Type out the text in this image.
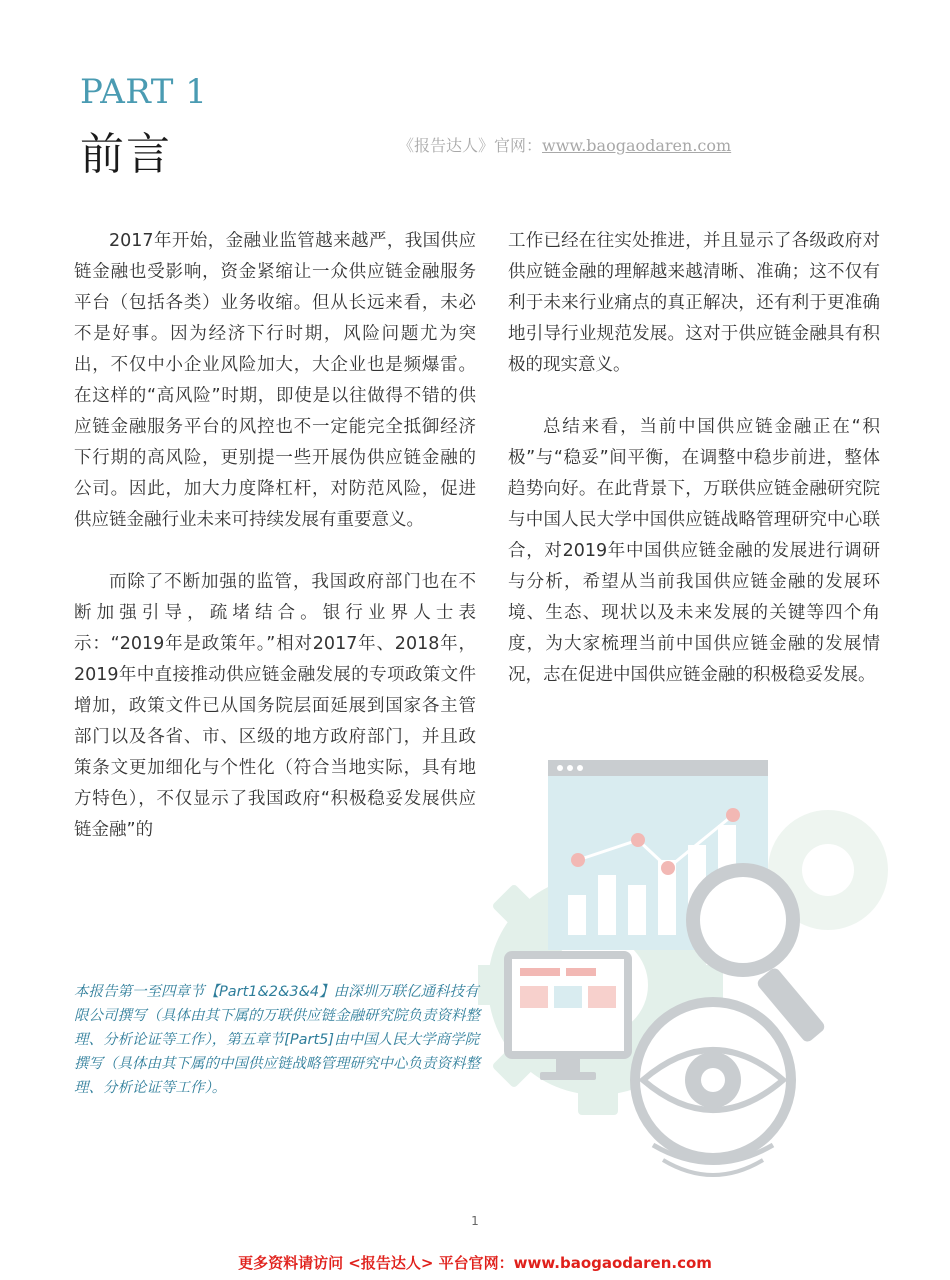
PART 1
前言	《报告达人》官网：www.baogaodaren.com

2017年开始，金融业监管越来越严，我国供应链金融也受影响，资金紧缩让一众供应链金融服务平台（包括各类）业务收缩。但从长远来看，未必不是好事。因为经济下行时期，风险问题尤为突出，不仅中小企业风险加大，大企业也是频爆雷。在这样的“高风险”时期，即使是以往做得不错的供应链金融服务平台的风控也不一定能完全抵御经济下行期的高风险，更别提一些开展伪供应链金融的公司。因此，加大力度降杠杆，对防范风险，促进供应链金融行业未来可持续发展有重要意义。

而除了不断加强的监管，我国政府部门也在不断加强引导，疏堵结合。银行业界人士表示：“2019年是政策年。”相对2017年、2018年，2019年中直接推动供应链金融发展的专项政策文件增加，政策文件已从国务院层面延展到国家各主管部门以及各省、市、区级的地方政府部门，并且政策条文更加细化与个性化（符合当地实际，具有地方特色），不仅显示了我国政府“积极稳妥发展供应链金融”的

工作已经在往实处推进，并且显示了各级政府对供应链金融的理解越来越清晰、准确；这不仅有利于未来行业痛点的真正解决，还有利于更准确地引导行业规范发展。这对于供应链金融具有积极的现实意义。

总结来看，当前中国供应链金融正在“积极”与“稳妥”间平衡，在调整中稳步前进，整体趋势向好。在此背景下，万联供应链金融研究院与中国人民大学中国供应链战略管理研究中心联合，对2019年中国供应链金融的发展进行调研与分析，希望从当前我国供应链金融的发展环境、生态、现状以及未来发展的关键等四个角度，为大家梳理当前中国供应链金融的发展情况，志在促进中国供应链金融的积极稳妥发展。

本报告第一至四章节【Part1&2&3&4】由深圳万联亿通科技有限公司撰写（具体由其下属的万联供应链金融研究院负责资料整理、分析论证等工作），第五章节[Part5]由中国人民大学商学院撰写（具体由其下属的中国供应链战略管理研究中心负责资料整理、分析论证等工作）。
1
更多资料请访问 <报告达人> 平台官网：www.baogaodaren.com
